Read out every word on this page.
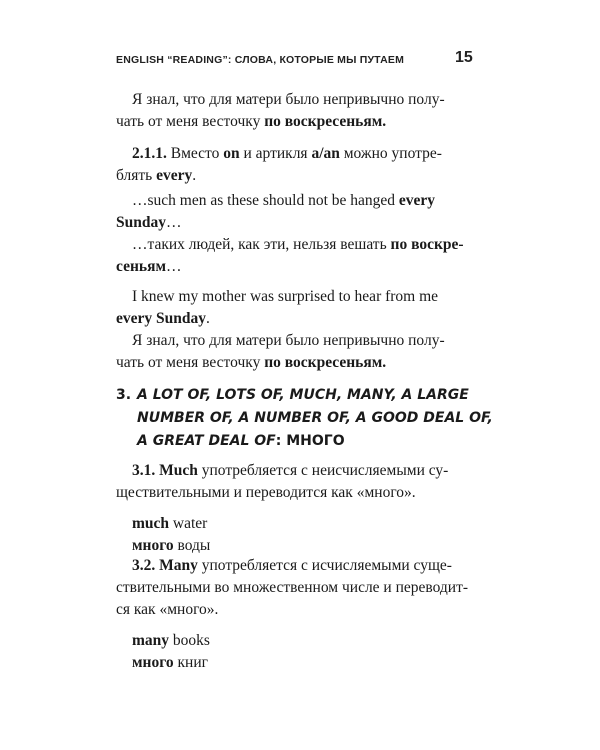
ENGLISH “READING”: СЛОВА, КОТОРЫЕ МЫ ПУТАЕМ	15

Я знал, что для матери было непривычно полу-

чать от меня весточку по воскресеньям.

2.1.1. Вместо on и артикля a/an можно употре-

блять every.

…such men as these should not be hanged every
Sunday…

…таких людей, как эти, нельзя вешать по воскре-
сеньям…

I knew my mother was surprised to hear from me
every Sunday.

Я знал, что для матери было непривычно полу-
чать от меня весточку по воскресеньям.

3. A LOT OF, LOTS OF, MUCH, MANY, A LARGE
NUMBER OF, A NUMBER OF, A GOOD DEAL OF,
A GREAT DEAL OF: МНОГО

3.1. Much употребляется с неисчисляемыми су-

ществительными и переводится как «много».

much water

много воды

3.2. Many употребляется с исчисляемыми суще-

ствительными во множественном числе и переводит-

ся как «много».

many books

много книг
